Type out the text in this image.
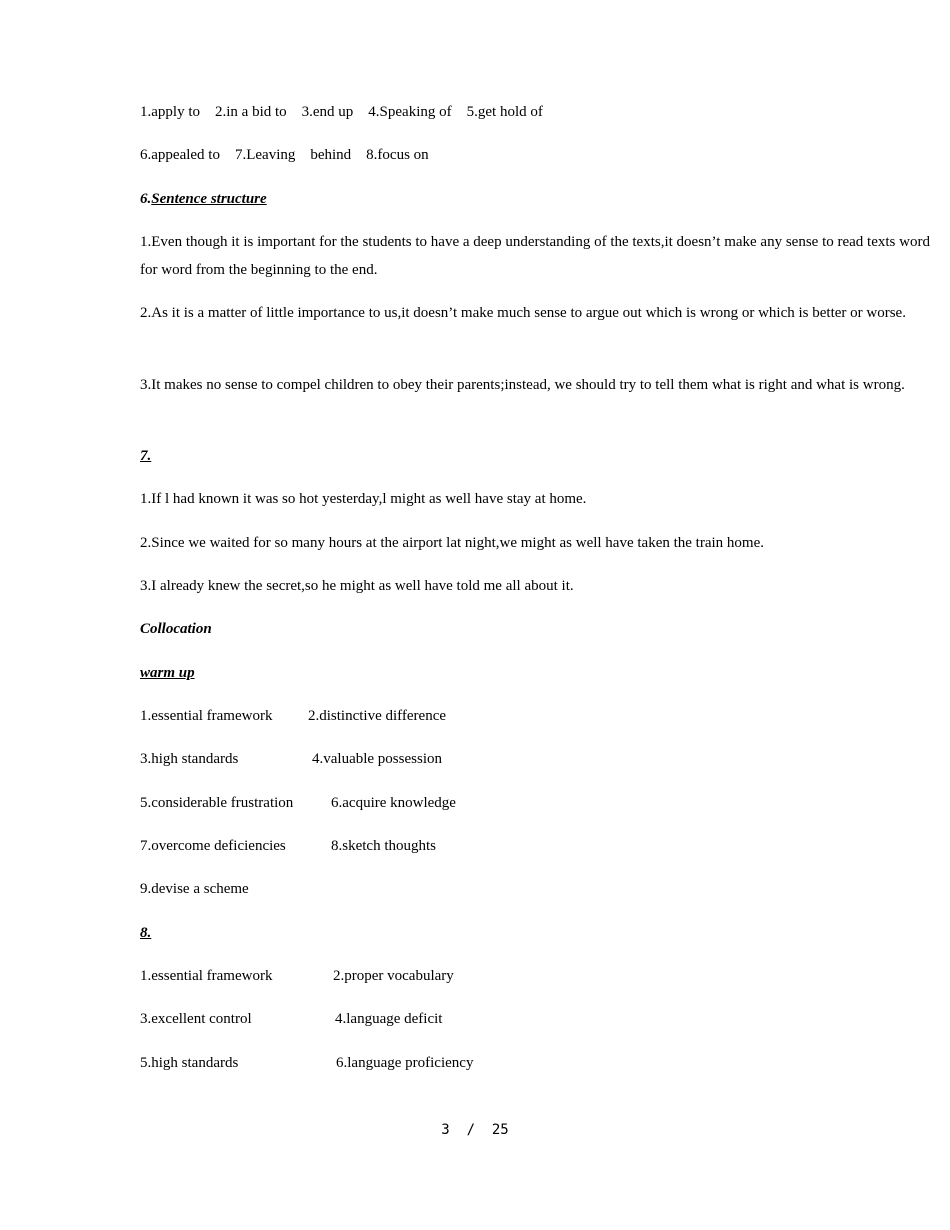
1.apply to    2.in a bid to    3.end up    4.Speaking of    5.get hold of
6.appealed to    7.Leaving    behind    8.focus on
6.Sentence structure
1.Even though it is important for the students to have a deep understanding of the texts,it doesn’t make any sense to read texts word for word from the beginning to the end.
2.As it is a matter of little importance to us,it doesn’t make much sense to argue out which is wrong or which is better or worse.
3.It makes no sense to compel children to obey their parents;instead, we should try to tell them what is right and what is wrong.
7.
1.If l had known it was so hot yesterday,l might as well have stay at home.
2.Since we waited for so many hours at the airport lat night,we might as well have taken the train home.
3.I already knew the secret,so he might as well have told me all about it.
Collocation
warm up
1.essential framework 2.distinctive difference
3.high standards	4.valuable possession
5.considerable frustration	6.acquire knowledge
7.overcome deficiencies	8.sketch thoughts
9.devise a scheme
8.
1.essential framework	2.proper vocabulary
3.excellent control	4.language deficit
5.high standards	6.language proficiency
3  /  25
